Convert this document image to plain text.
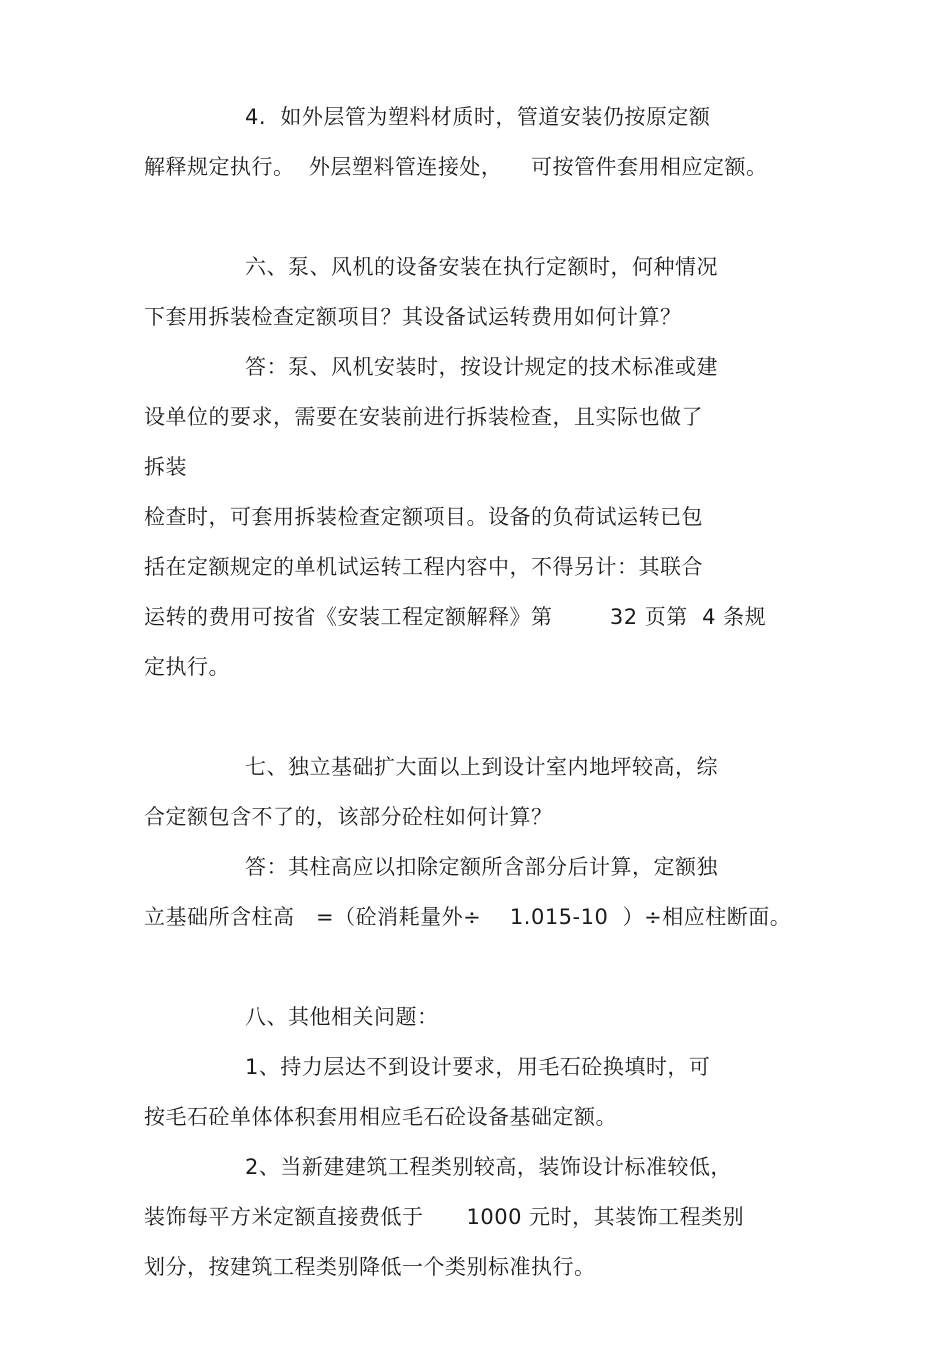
4.  如外层管为塑料材质时，管道安装仍按原定额
解释规定执行。  外层塑料管连接处，    可按管件套用相应定额。
六、泵、风机的设备安装在执行定额时，何种情况
下套用拆装检查定额项目？其设备试运转费用如何计算？
答：泵、风机安装时，按设计规定的技术标准或建
设单位的要求，需要在安装前进行拆装检查，且实际也做了
拆装
检查时，可套用拆装检查定额项目。设备的负荷试运转已包
括在定额规定的单机试运转工程内容中，不得另计：其联合
运转的费用可按省《安装工程定额解释》第        32 页第  4 条规
定执行。
七、独立基础扩大面以上到设计室内地坪较高，综
合定额包含不了的，该部分砼柱如何计算？
答：其柱高应以扣除定额所含部分后计算，定额独
立基础所含柱高   =（砼消耗量外÷    1.015-10  ）÷相应柱断面。
八、其他相关问题：
1、持力层达不到设计要求，用毛石砼换填时，可
按毛石砼单体体积套用相应毛石砼设备基础定额。
2、当新建建筑工程类别较高，装饰设计标准较低，
装饰每平方米定额直接费低于      1000 元时，其装饰工程类别
划分，按建筑工程类别降低一个类别标准执行。
